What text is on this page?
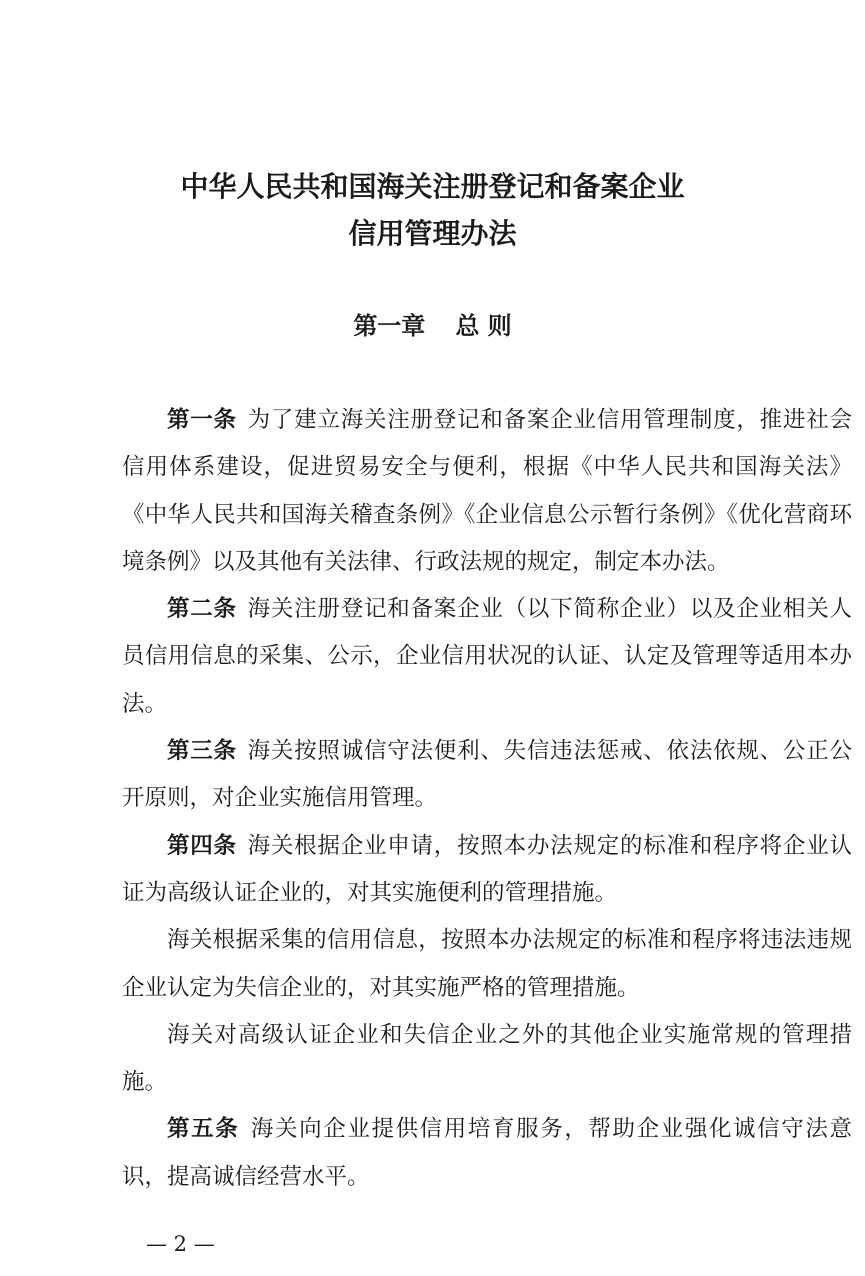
中华人民共和国海关注册登记和备案企业
信用管理办法
第一章 总 则

第一条 为了建立海关注册登记和备案企业信用管理制度，推进社会信用体系建设，促进贸易安全与便利，根据《中华人民共和国海关法》《中华人民共和国海关稽查条例》《企业信息公示暂行条例》《优化营商环境条例》以及其他有关法律、行政法规的规定，制定本办法。

第二条 海关注册登记和备案企业（以下简称企业）以及企业相关人员信用信息的采集、公示，企业信用状况的认证、认定及管理等适用本办法。

第三条 海关按照诚信守法便利、失信违法惩戒、依法依规、公正公开原则，对企业实施信用管理。

第四条 海关根据企业申请，按照本办法规定的标准和程序将企业认证为高级认证企业的，对其实施便利的管理措施。

海关根据采集的信用信息，按照本办法规定的标准和程序将违法违规企业认定为失信企业的，对其实施严格的管理措施。

海关对高级认证企业和失信企业之外的其他企业实施常规的管理措施。

第五条 海关向企业提供信用培育服务，帮助企业强化诚信守法意识，提高诚信经营水平。

— 2 —
